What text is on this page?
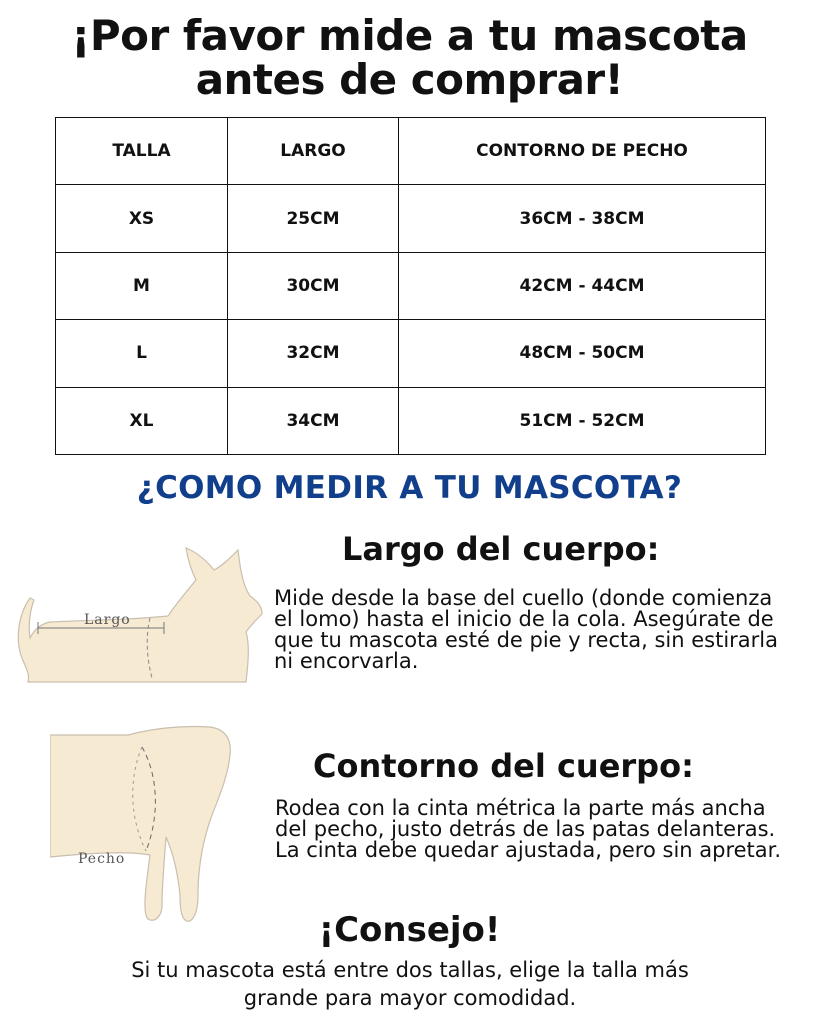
¡Por favor mide a tu mascota
antes de comprar!
TALLA	LARGO	CONTORNO DE PECHO
XS	25CM	36CM - 38CM
M	30CM	42CM - 44CM
L	32CM	48CM - 50CM
XL	34CM	51CM - 52CM
¿COMO MEDIR A TU MASCOTA?
Largo
Largo del cuerpo:
Mide desde la base del cuello (donde comienza el lomo) hasta el inicio de la cola. Asegúrate de que tu mascota esté de pie y recta, sin estirarla ni encorvarla.
Pecho
Contorno del cuerpo:
Rodea con la cinta métrica la parte más ancha del pecho, justo detrás de las patas delanteras. La cinta debe quedar ajustada, pero sin apretar.
¡Consejo!
Si tu mascota está entre dos tallas, elige la talla más grande para mayor comodidad.
